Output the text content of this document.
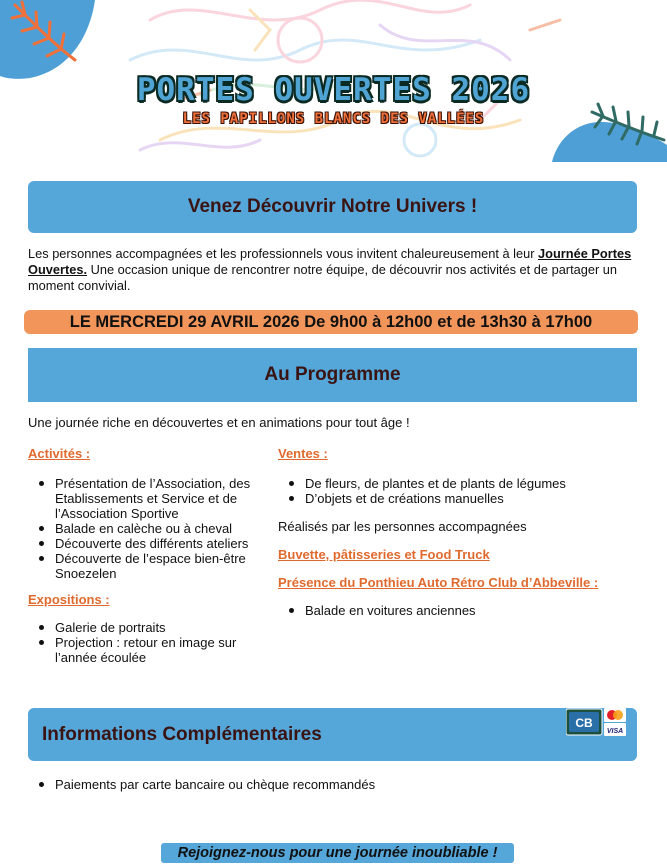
PORTES OUVERTES 2026
LES PAPILLONS BLANCS DES VALLÉES
Venez Découvrir Notre Univers !
Les personnes accompagnées et les professionnels vous invitent chaleureusement à leur Journée Portes Ouvertes. Une occasion unique de rencontrer notre équipe, de découvrir nos activités et de partager un moment convivial.
LE MERCREDI 29 AVRIL 2026 De 9h00 à 12h00 et de 13h30 à 17h00
Au Programme
Une journée riche en découvertes et en animations pour tout âge !
Activités :
Présentation de l’Association, des Etablissements et Service et de l’Association Sportive
Balade en calèche ou à cheval
Découverte des différents ateliers
Découverte de l’espace bien-être Snoezelen
Expositions :
Galerie de portraits
Projection : retour en image sur l’année écoulée
Ventes :
De fleurs, de plantes et de plants de légumes
D’objets et de créations manuelles
Réalisés par les personnes accompagnées
Buvette, pâtisseries et Food Truck
Présence du Ponthieu Auto Rétro Club d’Abbeville :
Balade en voitures anciennes
Informations Complémentaires
CB
VISA
Paiements par carte bancaire ou chèque recommandés
Rejoignez-nous pour une journée inoubliable !
